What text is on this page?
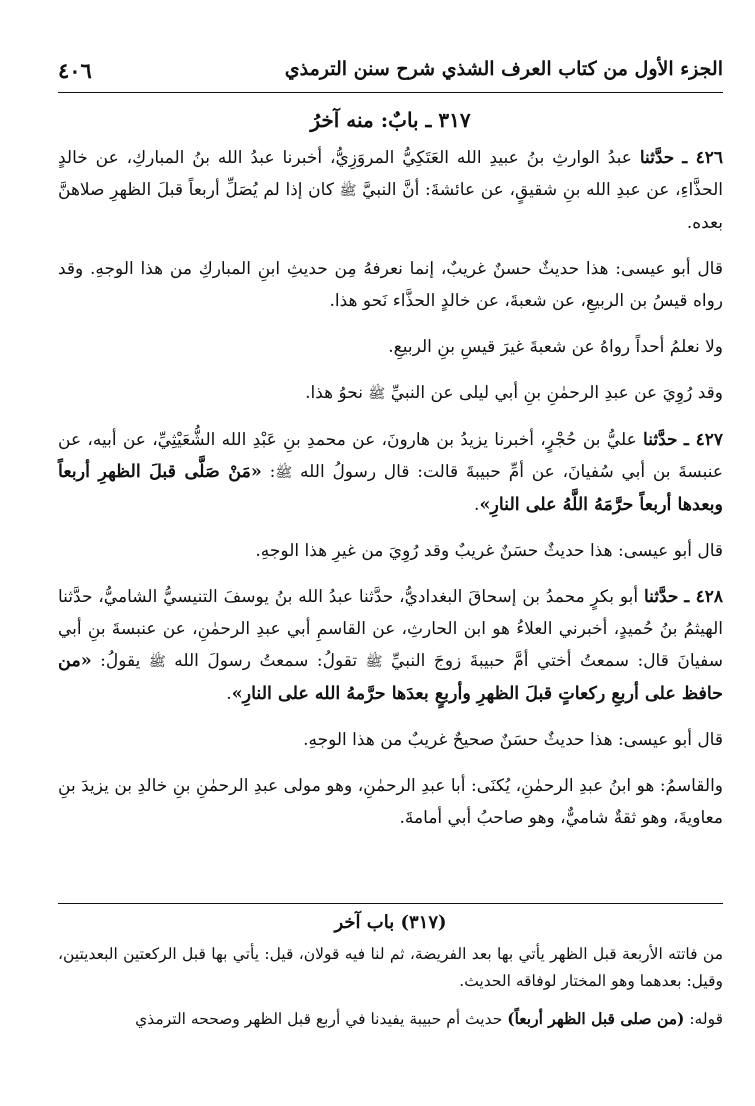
الجزء الأول من كتاب العرف الشذي شرح سنن الترمذي
٤٠٦
٣١٧ ـ بابٌ: منه آخرُ

٤٢٦ ـ حدَّثنا عبدُ الوارثِ بنُ عبيدِ الله العَتَكِيُّ المروَزِيُّ، أخبرنا عبدُ الله بنُ المباركِ، عن خالدٍ الحذَّاءِ، عن عبدِ الله بنِ شقيقٍ، عن عائشةَ: أنَّ النبيَّ ﷺ كان إذا لم يُصَلِّ أربعاً قبلَ الظهرِ صلاهنَّ بعده.

قال أبو عيسى: هذا حديثٌ حسنٌ غريبٌ، إنما نعرفهُ مِن حديثِ ابنِ المباركِ من هذا الوجهِ. وقد رواه قيسُ بن الربيعِ، عن شعبةَ، عن خالدٍ الحذَّاء نَحو هذا.

ولا نعلمُ أحداً رواهُ عن شعبةَ غيرَ قيسِ بنِ الربيعِ.

وقد رُوِيَ عن عبدِ الرحمٰنِ بنِ أبي ليلى عن النبيِّ ﷺ نحوُ هذا.

٤٢٧ ـ حدَّثنا عليُّ بن حُجْرٍ، أخبرنا يزيدُ بن هارونَ، عن محمدِ بنِ عَبْدِ الله الشُّعَيْثِيِّ، عن أبيه، عن عنبسةَ بن أبي سُفيانَ، عن أمِّ حبيبةَ قالت: قال رسولُ الله ﷺ: «مَنْ صَلَّى قبلَ الظهرِ أربعاً وبعدها أربعاً حرَّمَهُ اللَّهُ على النارِ».

قال أبو عيسى: هذا حديثٌ حسَنٌ غريبٌ وقد رُوِيَ من غيرِ هذا الوجهِ.

٤٢٨ ـ حدَّثنا أبو بكرٍ محمدُ بن إسحاقَ البغداديُّ، حدَّثنا عبدُ الله بنُ يوسفَ التنيسيُّ الشاميُّ، حدَّثنا الهيثمُ بنُ حُميدٍ، أخبرني العلاءُ هو ابن الحارثِ، عن القاسمِ أبي عبدِ الرحمٰنِ، عن عنبسةَ بنِ أبي سفيانَ قال: سمعتُ أختي أمَّ حبيبةَ زوجَ النبيِّ ﷺ تقولُ: سمعتُ رسولَ الله ﷺ يقولُ: «من حافظ على أربعِ ركعاتٍ قبلَ الظهرِ وأربعٍ بعدَها حرَّمهُ الله على النارِ».

قال أبو عيسى: هذا حديثٌ حسَنٌ صحيحٌ غريبٌ من هذا الوجهِ.

والقاسمُ: هو ابنُ عبدِ الرحمٰنِ، يُكنَى: أبا عبدِ الرحمٰنِ، وهو مولى عبدِ الرحمٰنِ بنِ خالدِ بن يزيدَ بنِ معاويةَ، وهو ثقةٌ شاميٌّ، وهو صاحبُ أبي أمامةَ.

(٣١٧) باب آخر

من فاتته الأربعة قبل الظهر يأتي بها بعد الفريضة، ثم لنا فيه قولان، قيل: يأتي بها قبل الركعتين البعديتين، وقيل: بعدهما وهو المختار لوفاقه الحديث.

قوله: (من صلى قبل الظهر أربعاً) حديث أم حبيبة يفيدنا في أربع قبل الظهر وصححه الترمذي
